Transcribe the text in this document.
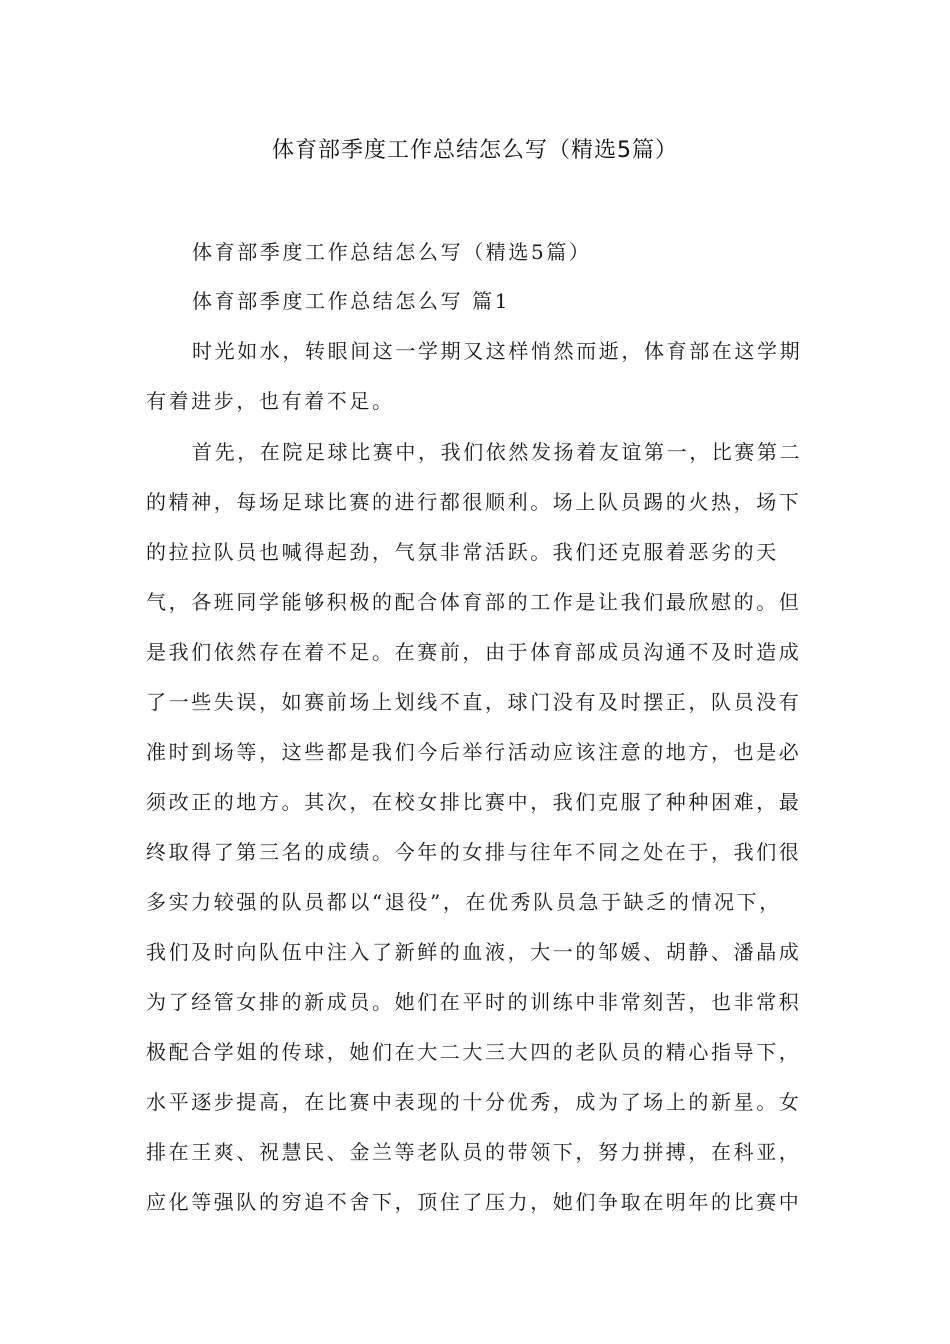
体育部季度工作总结怎么写（精选5篇）
体育部季度工作总结怎么写（精选5篇）
体育部季度工作总结怎么写 篇1
时光如水，转眼间这一学期又这样悄然而逝，体育部在这学期
有着进步，也有着不足。
首先，在院足球比赛中，我们依然发扬着友谊第一，比赛第二
的精神，每场足球比赛的进行都很顺利。场上队员踢的火热，场下
的拉拉队员也喊得起劲，气氛非常活跃。我们还克服着恶劣的天
气，各班同学能够积极的配合体育部的工作是让我们最欣慰的。但
是我们依然存在着不足。在赛前，由于体育部成员沟通不及时造成
了一些失误，如赛前场上划线不直，球门没有及时摆正，队员没有
准时到场等，这些都是我们今后举行活动应该注意的地方，也是必
须改正的地方。其次，在校女排比赛中，我们克服了种种困难，最
终取得了第三名的成绩。今年的女排与往年不同之处在于，我们很
多实力较强的队员都以“退役”，在优秀队员急于缺乏的情况下，
我们及时向队伍中注入了新鲜的血液，大一的邹媛、胡静、潘晶成
为了经管女排的新成员。她们在平时的训练中非常刻苦，也非常积
极配合学姐的传球，她们在大二大三大四的老队员的精心指导下，
水平逐步提高，在比赛中表现的十分优秀，成为了场上的新星。女
排在王爽、祝慧民、金兰等老队员的带领下，努力拼搏，在科亚，
应化等强队的穷追不舍下，顶住了压力，她们争取在明年的比赛中
